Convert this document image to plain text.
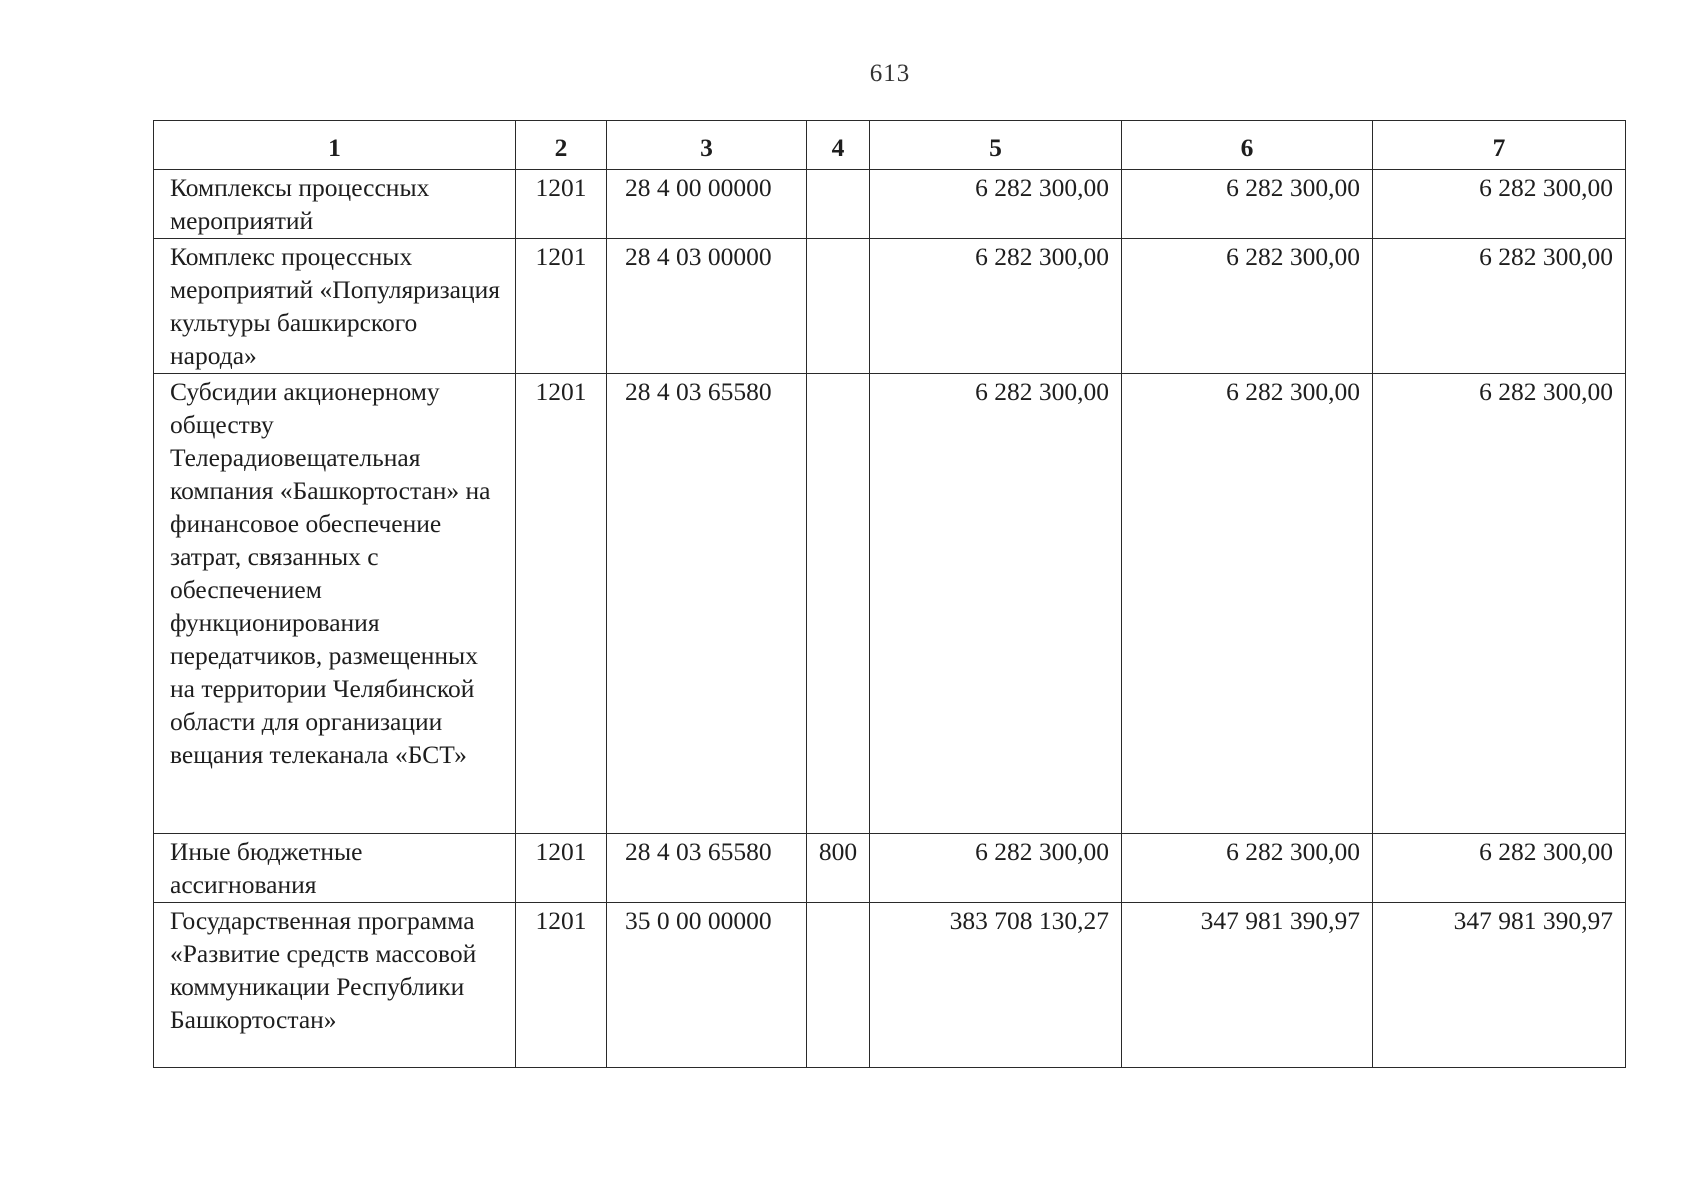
613
1	2	3	4	5	6	7
Комплексы процессных мероприятий	1201	28 4 00 00000		6 282 300,00	6 282 300,00	6 282 300,00
Комплекс процессных мероприятий «Популяризация культуры башкирского народа»	1201	28 4 03 00000		6 282 300,00	6 282 300,00	6 282 300,00
Субсидии акционерному обществу Телерадиовещательная компания «Башкортостан» на финансовое обеспечение затрат, связанных с обеспечением функционирования передатчиков, размещенных на территории Челябинской области для организации вещания телеканала «БСТ»	1201	28 4 03 65580		6 282 300,00	6 282 300,00	6 282 300,00
Иные бюджетные ассигнования	1201	28 4 03 65580	800	6 282 300,00	6 282 300,00	6 282 300,00
Государственная программа «Развитие средств массовой коммуникации Республики Башкортостан»	1201	35 0 00 00000		383 708 130,27	347 981 390,97	347 981 390,97
